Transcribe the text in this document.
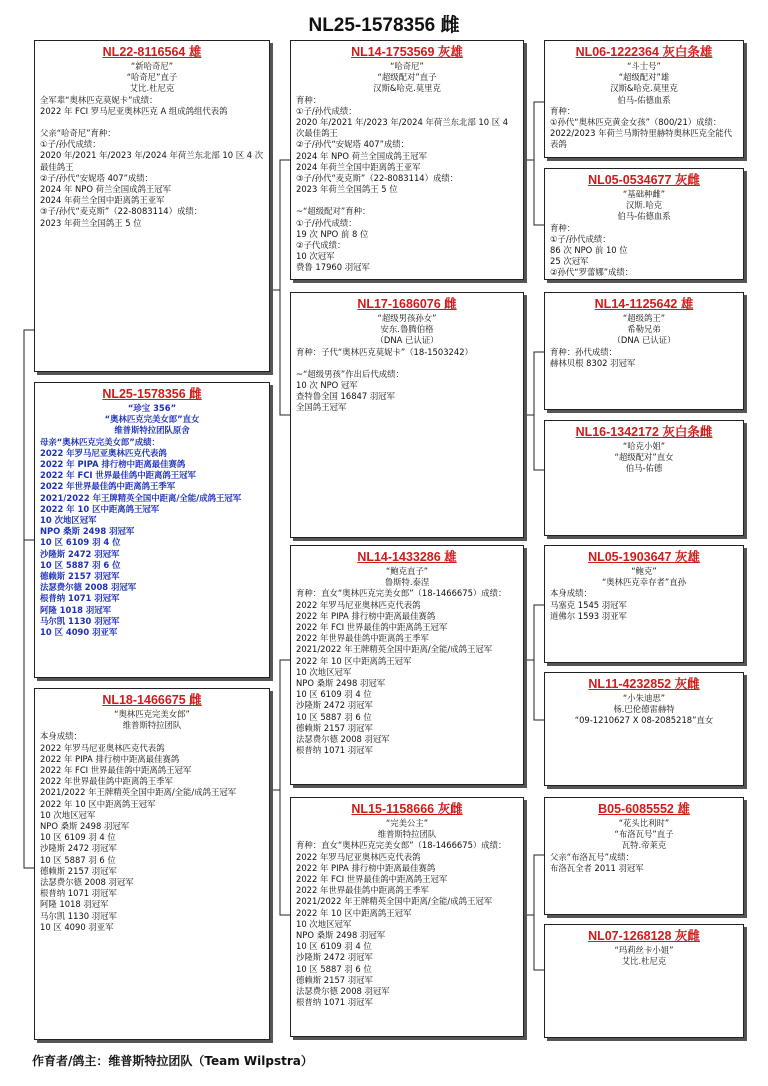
NL25-1578356 雌
NL22-8116564 雄
“新哈奇尼”
“哈奇尼”直子
艾比.杜尼克
全军辈“奥林匹克莫妮卡”成绩：
2022 年 FCI 罗马尼亚奥林匹克 A 组成鸽组代表鸽
父亲“哈奇尼”育种：
①子/孙代成绩：
2020 年/2021 年/2023 年/2024 年荷兰东北部 10 区 4 次最佳鸽王
②子/孙代“安妮塔 407”成绩：
2024 年 NPO 荷兰全国成鸽王冠军
2024 年荷兰全国中距离鸽王亚军
③子/孙代“麦克斯”（22-8083114）成绩：
2023 年荷兰全国鸽王 5 位
NL25-1578356 雌
“珍宝 356”
“奥林匹克完美女郎”直女
维普斯特拉团队原舍
母亲“奥林匹克完美女郎”成绩：
2022 年罗马尼亚奥林匹克代表鸽
2022 年 PIPA 排行榜中距离最佳赛鸽
2022 年 FCI 世界最佳鸽中距离鸽王冠军
2022 年世界最佳鸽中距离鸽王季军
2021/2022 年王牌精英全国中距离/全能/成鸽王冠军
2022 年 10 区中距离鸽王冠军
10 次地区冠军
NPO 桑斯 2498 羽冠军
10 区 6109 羽 4 位
沙隆斯 2472 羽冠军
10 区 5887 羽 6 位
德赖斯 2157 羽冠军
法瑟费尔德 2008 羽冠军
根普纳 1071 羽冠军
阿隆 1018 羽冠军
马尔凯 1130 羽冠军
10 区 4090 羽亚军
NL18-1466675 雌
“奥林匹克完美女郎”
维普斯特拉团队
本身成绩：
2022 年罗马尼亚奥林匹克代表鸽
2022 年 PIPA 排行榜中距离最佳赛鸽
2022 年 FCI 世界最佳鸽中距离鸽王冠军
2022 年世界最佳鸽中距离鸽王季军
2021/2022 年王牌精英全国中距离/全能/成鸽王冠军
2022 年 10 区中距离鸽王冠军
10 次地区冠军
NPO 桑斯 2498 羽冠军
10 区 6109 羽 4 位
沙隆斯 2472 羽冠军
10 区 5887 羽 6 位
德赖斯 2157 羽冠军
法瑟费尔德 2008 羽冠军
根普纳 1071 羽冠军
阿隆 1018 羽冠军
马尔凯 1130 羽冠军
10 区 4090 羽亚军
NL14-1753569 灰雄
“哈奇尼”
“超级配对”直子
汉斯&哈克.莫里克
育种：
①子/孙代成绩：
2020 年/2021 年/2023 年/2024 年荷兰东北部 10 区 4 次最佳鸽王
②子/孙代“安妮塔 407”成绩：
2024 年 NPO 荷兰全国成鸽王冠军
2024 年荷兰全国中距离鸽王亚军
③子/孙代“麦克斯”（22-8083114）成绩：
2023 年荷兰全国鸽王 5 位
~“超级配对”育种：
①子/孙代成绩：
19 次 NPO 前 8 位
②子代成绩：
10 次冠军
费鲁 17960 羽冠军
NL17-1686076 雌
“超级男孩孙女”
安东.鲁腾伯格
（DNA 已认证）
育种：子代“奥林匹克莫妮卡”（18-1503242）
~“超级男孩”作出后代成绩：
10 次 NPO 冠军
查特鲁全国 16847 羽冠军
全国鸽王冠军
NL14-1433286 雄
“鲍克直子”
鲁斯特.泰涅
育种：直女“奥林匹克完美女郎”（18-1466675）成绩：
2022 年罗马尼亚奥林匹克代表鸽
2022 年 PIPA 排行榜中距离最佳赛鸽
2022 年 FCI 世界最佳鸽中距离鸽王冠军
2022 年世界最佳鸽中距离鸽王季军
2021/2022 年王牌精英全国中距离/全能/成鸽王冠军
2022 年 10 区中距离鸽王冠军
10 次地区冠军
NPO 桑斯 2498 羽冠军
10 区 6109 羽 4 位
沙隆斯 2472 羽冠军
10 区 5887 羽 6 位
德赖斯 2157 羽冠军
法瑟费尔德 2008 羽冠军
根普纳 1071 羽冠军
NL15-1158666 灰雌
“完美公主”
维普斯特拉团队
育种：直女“奥林匹克完美女郎”（18-1466675）成绩：
2022 年罗马尼亚奥林匹克代表鸽
2022 年 PIPA 排行榜中距离最佳赛鸽
2022 年 FCI 世界最佳鸽中距离鸽王冠军
2022 年世界最佳鸽中距离鸽王季军
2021/2022 年王牌精英全国中距离/全能/成鸽王冠军
2022 年 10 区中距离鸽王冠军
10 次地区冠军
NPO 桑斯 2498 羽冠军
10 区 6109 羽 4 位
沙隆斯 2472 羽冠军
10 区 5887 羽 6 位
德赖斯 2157 羽冠军
法瑟费尔德 2008 羽冠军
根普纳 1071 羽冠军
NL06-1222364 灰白条雄
“斗士号”
“超级配对”雄
汉斯&哈克.莫里克
伯马-佑德血系
育种：
①孙代“奥林匹克黄金女孩”（800/21）成绩：
2022/2023 年荷兰马斯特里赫特奥林匹克全能代表鸽
NL05-0534677 灰雌
“基础种雌”
汉斯.哈克
伯马-佑德血系
育种：
①子/孙代成绩：
86 次 NPO 前 10 位
25 次冠军
②孙代“罗蕾娜”成绩：
NL14-1125642 雄
“超级鸽王”
希勒兄弟
（DNA 已认证）
育种：孙代成绩：
赫林贝根 8302 羽冠军
NL16-1342172 灰白条雌
“哈克小姐”
“超级配对”直女
伯马-佑德
NL05-1903647 灰雄
“鲍克”
“奥林匹克幸存者”直孙
本身成绩：
马塞克 1545 羽冠军
道佛尔 1593 羽亚军
NL11-4232852 灰雌
“小朱迪思”
杨.巴伦德雷赫特
“09-1210627 X 08-2085218”直女
B05-6085552 雄
“花头比利时”
“布洛瓦号”直子
瓦特.帝莱克
父亲“布洛瓦号”成绩：
布洛瓦全者 2011 羽冠军
NL07-1268128 灰雌
“玛莉丝卡小姐”
艾比.杜尼克
作育者/鸽主：维普斯特拉团队（Team Wilpstra）
